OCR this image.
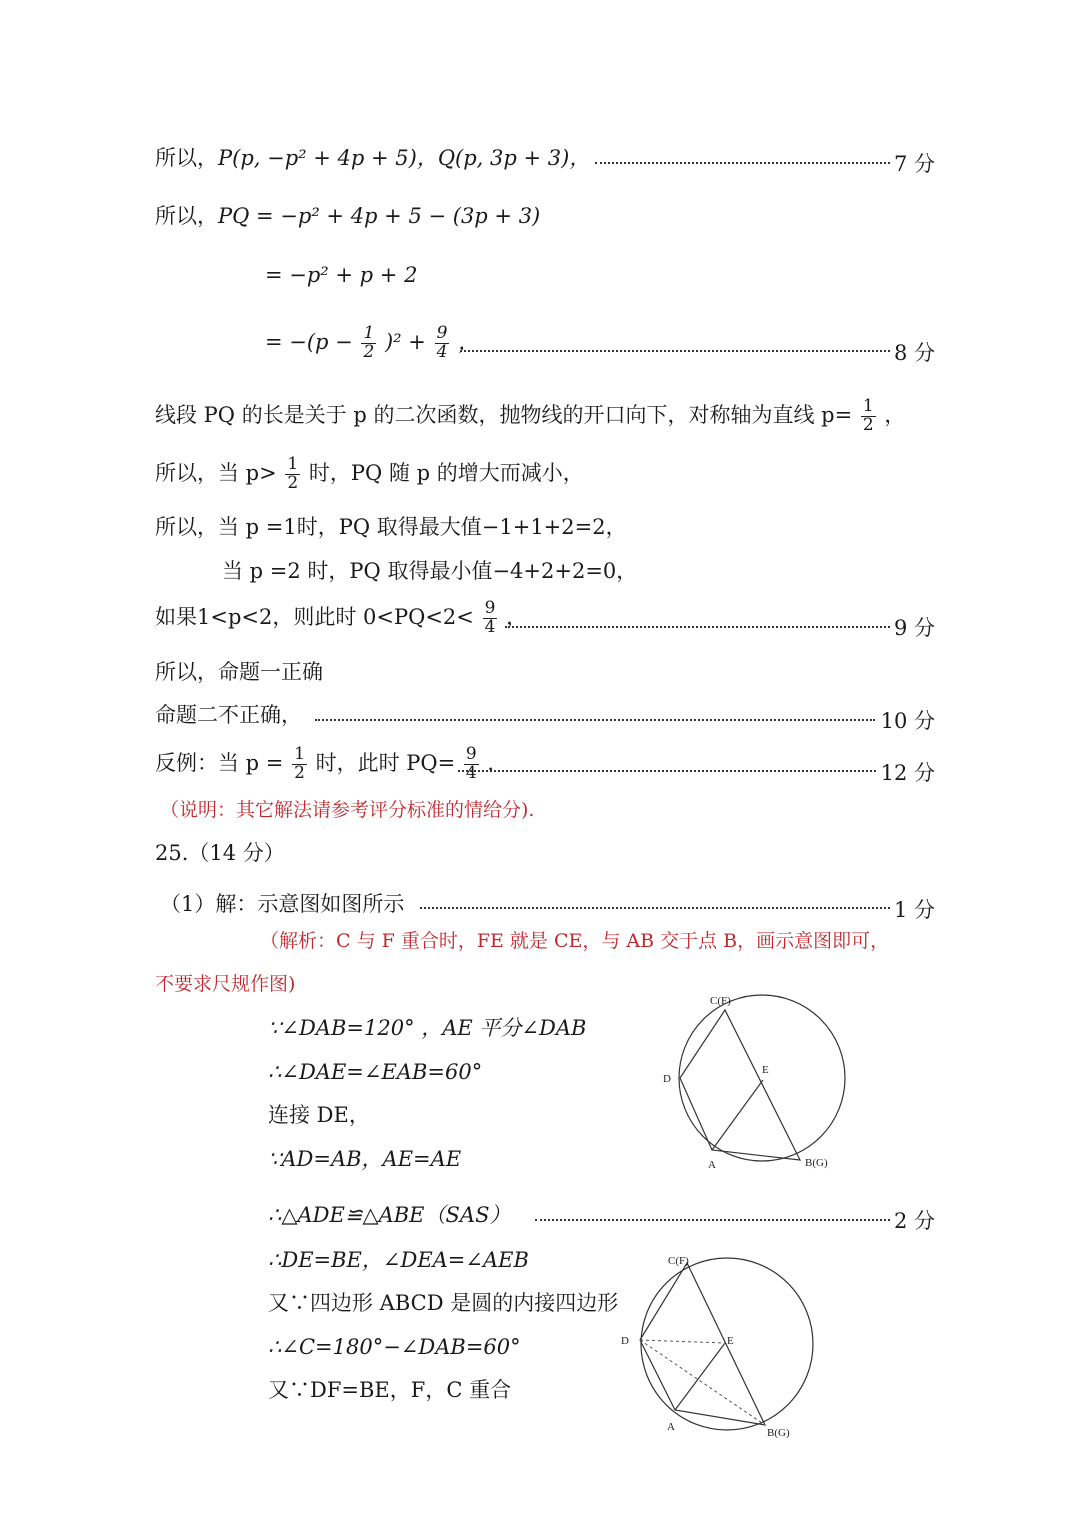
所以，P(p, −p² + 4p + 5)，Q(p, 3p + 3)，	7 分
所以，PQ = −p² + 4p + 5 − (3p + 3)
= −p² + p + 2
= $-(p - \frac{1}{2} )^2 + \frac{9}{4}$ ，	8 分
线段 PQ 的长是关于 p 的二次函数，抛物线的开口向下，对称轴为直线 $p= \frac{1}{2}$ ，
所以，当 $p> \frac{1}{2}$ 时，PQ 随 p 的增大而减小，
所以，当 p =1时，PQ 取得最大值−1+1+2=2，
当 p =2 时，PQ 取得最小值−4+2+2=0，
如果1<p<2，则此时 $0<PQ<2< \frac{9}{4}$ ，	9 分
所以，命题一正确
命题二不正确，	10 分
反例：当 $p = \frac{1}{2}$ 时，此时 $PQ= \frac{9}{4}$ .	12 分
（说明：其它解法请参考评分标准的情给分).
25.（14 分）
（1）解：示意图如图所示	1 分
（解析：C 与 F 重合时，FE 就是 CE，与 AB 交于点 B，画示意图即可，
不要求尺规作图)
∵∠DAB=120° ，AE 平分∠DAB
∴∠DAE=∠EAB=60°
连接 DE，
∵AD=AB，AE=AE
∴△ADE≌△ABE（SAS）	2 分
∴DE=BE，∠DEA=∠AEB
又∵四边形 ABCD 是圆的内接四边形
∴∠C=180°−∠DAB=60°
又∵DF=BE，F，C 重合
C(F)
D
E
A	B(G)
C(F)
D	E
A	B(G)
